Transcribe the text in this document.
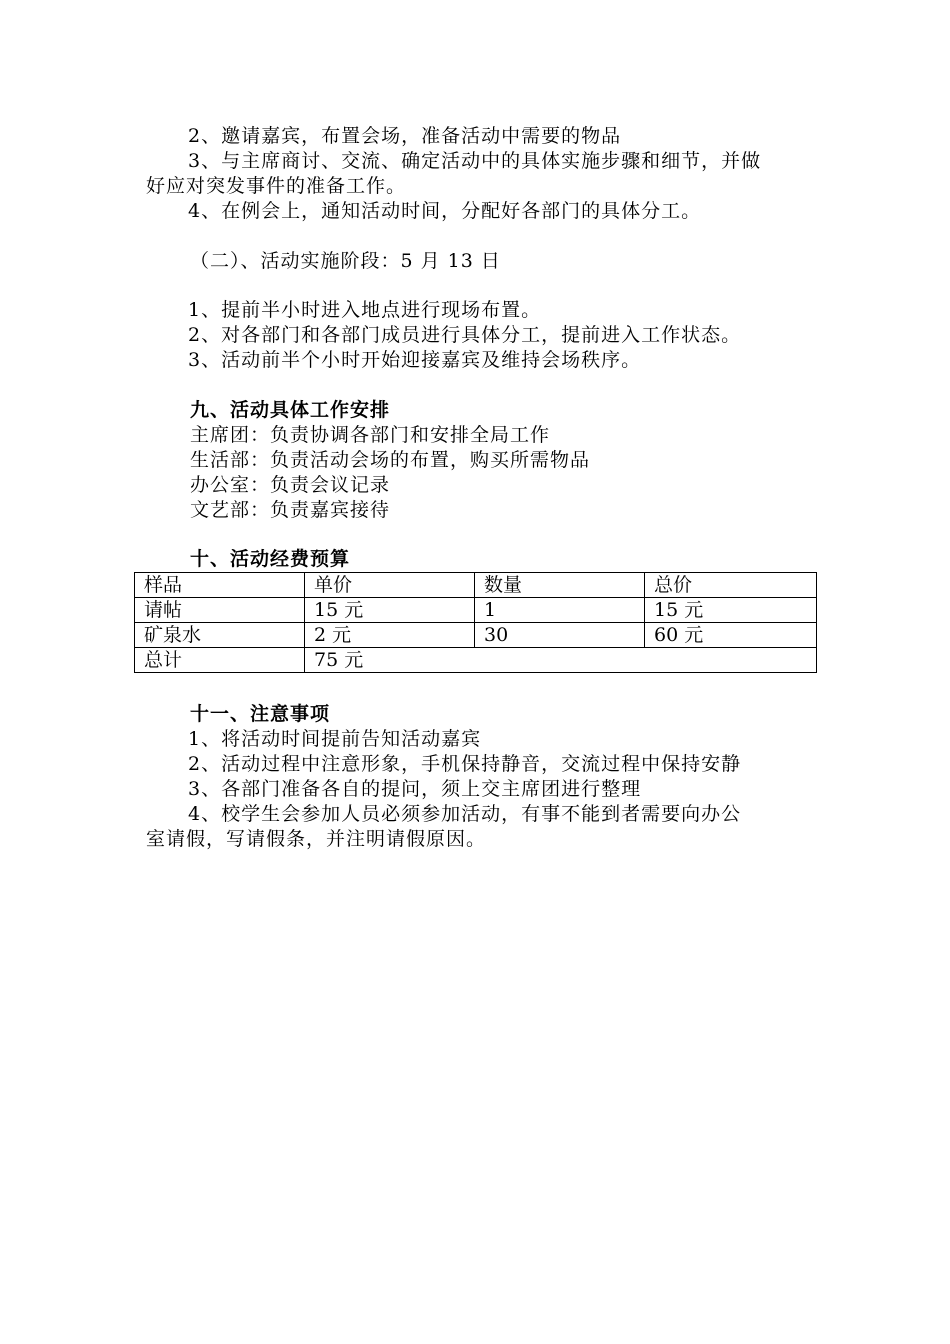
2、邀请嘉宾，布置会场，准备活动中需要的物品
3、与主席商讨、交流、确定活动中的具体实施步骤和细节，并做
好应对突发事件的准备工作。
4、在例会上，通知活动时间，分配好各部门的具体分工。
（二）、活动实施阶段：5 月 13 日
1、提前半小时进入地点进行现场布置。
2、对各部门和各部门成员进行具体分工，提前进入工作状态。
3、活动前半个小时开始迎接嘉宾及维持会场秩序。
九、活动具体工作安排
主席团：负责协调各部门和安排全局工作
生活部：负责活动会场的布置，购买所需物品
办公室：负责会议记录
文艺部：负责嘉宾接待
十、活动经费预算
样品	单价	数量	总价
请帖	15 元	1	15 元
矿泉水	2 元	30	60 元
总计	75 元		
十一、注意事项
1、将活动时间提前告知活动嘉宾
2、活动过程中注意形象，手机保持静音，交流过程中保持安静
3、各部门准备各自的提问，须上交主席团进行整理
4、校学生会参加人员必须参加活动，有事不能到者需要向办公
室请假，写请假条，并注明请假原因。
